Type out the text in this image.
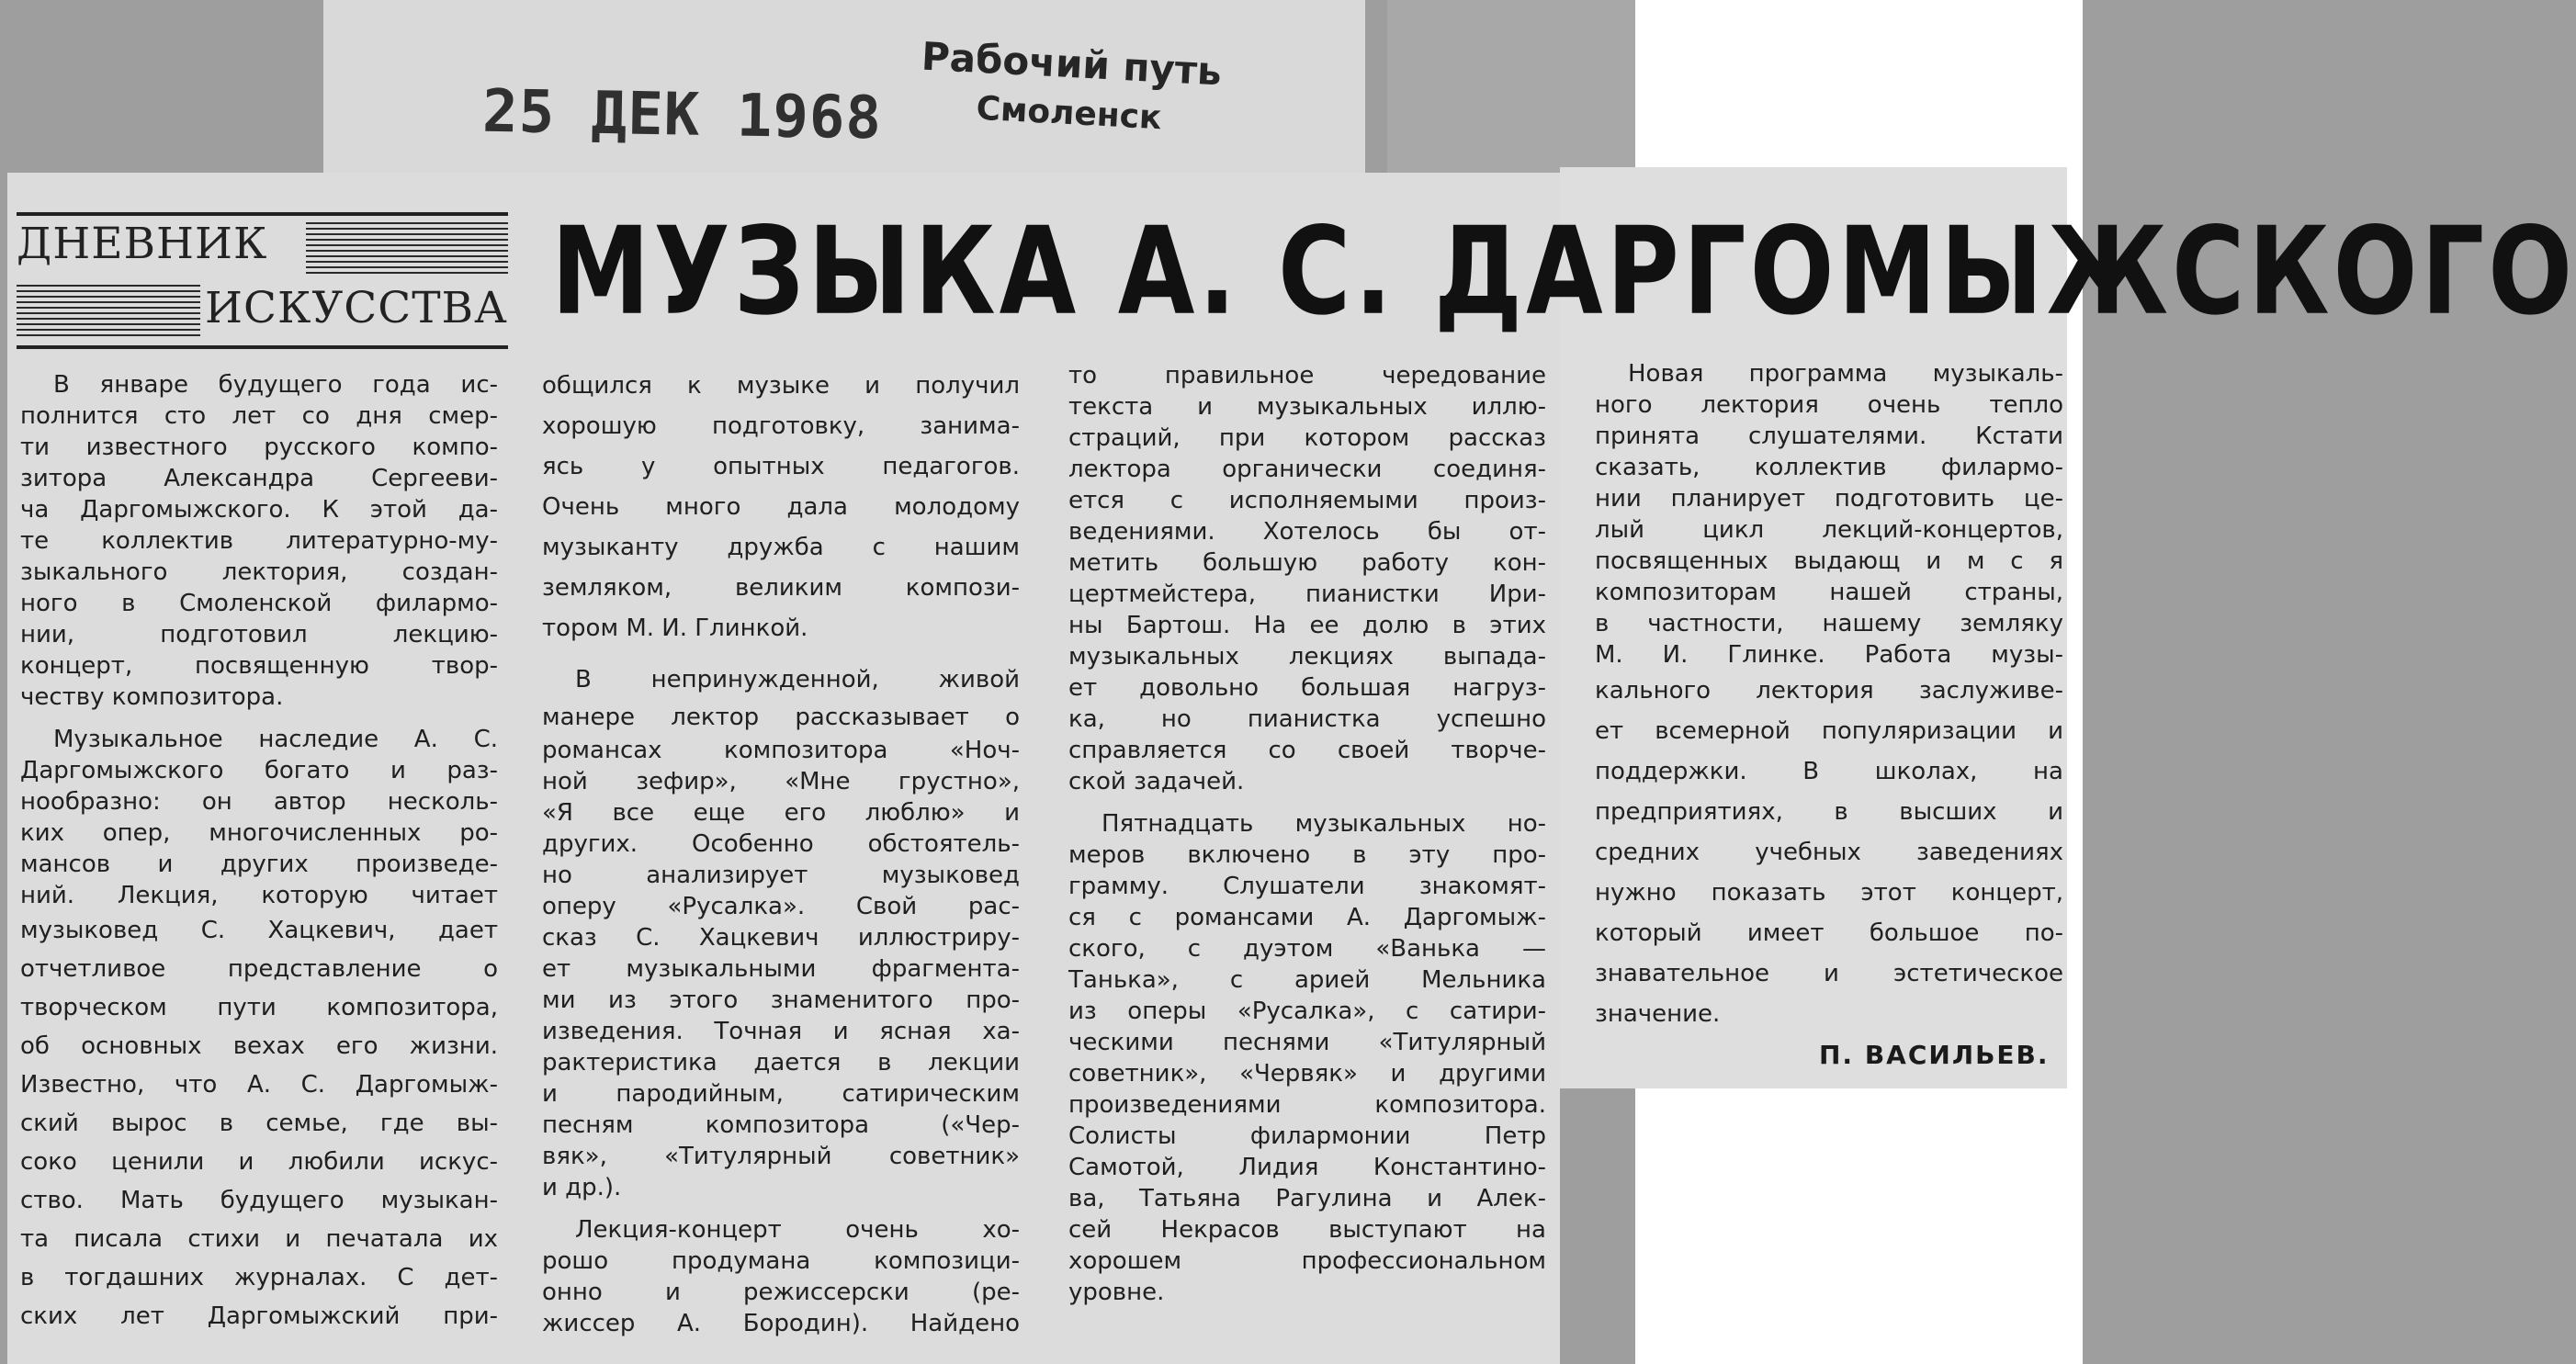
25 ДЕК 1968
Рабочий путь
Смоленск
ДНЕВНИК
ИСКУССТВА МУЗЫКА А. С. ДАРГОМЫЖСКОГО
В январе будущего года ис-
полнится сто лет со дня смер-
ти известного русского компо-
зитора Александра Сергееви-
ча Даргомыжского. К этой да-
те коллектив литературно-му-
зыкального лектория, создан-
ного в Смоленской филармо-
нии, подготовил лекцию-
концерт, посвященную твор-
честву композитора.
Музыкальное наследие А. С.
Даргомыжского богато и раз-
нообразно: он автор несколь-
ких опер, многочисленных ро-
мансов и других произведе-
ний. Лекция, которую читает
музыковед С. Хацкевич, дает
отчетливое представление о
творческом пути композитора,
об основных вехах его жизни.
Известно, что А. С. Даргомыж-
ский вырос в семье, где вы-
соко ценили и любили искус-
ство. Мать будущего музыкан-
та писала стихи и печатала их
в тогдашних журналах. С дет-
ских лет Даргомыжский при-
общился к музыке и получил
хорошую подготовку, занима-
ясь у опытных педагогов.
Очень много дала молодому
музыканту дружба с нашим
земляком, великим компози-
тором М. И. Глинкой.
В непринужденной, живой
манере лектор рассказывает о
романсах композитора «Ноч-
ной зефир», «Мне грустно»,
«Я все еще его люблю» и
других. Особенно обстоятель-
но анализирует музыковед
оперу «Русалка». Свой рас-
сказ С. Хацкевич иллюстриру-
ет музыкальными фрагмента-
ми из этого знаменитого про-
изведения. Точная и ясная ха-
рактеристика дается в лекции
и пародийным, сатирическим
песням композитора («Чер-
вяк», «Титулярный советник»
и др.).
Лекция-концерт очень хо-
рошо продумана композици-
онно и режиссерски (ре-
жиссер А. Бородин). Найдено
то правильное чередование
текста и музыкальных иллю-
страций, при котором рассказ
лектора органически соединя-
ется с исполняемыми произ-
ведениями. Хотелось бы от-
метить большую работу кон-
цертмейстера, пианистки Ири-
ны Бартош. На ее долю в этих
музыкальных лекциях выпада-
ет довольно большая нагруз-
ка, но пианистка успешно
справляется со своей творче-
ской задачей.
Пятнадцать музыкальных но-
меров включено в эту про-
грамму. Слушатели знакомят-
ся с романсами А. Даргомыж-
ского, с дуэтом «Ванька —
Танька», с арией Мельника
из оперы «Русалка», с сатири-
ческими песнями «Титулярный
советник», «Червяк» и другими
произведениями композитора.
Солисты филармонии Петр
Самотой, Лидия Константино-
ва, Татьяна Рагулина и Алек-
сей Некрасов выступают на
хорошем профессиональном
уровне.
Новая программа музыкаль-
ного лектория очень тепло
принята слушателями. Кстати
сказать, коллектив филармо-
нии планирует подготовить це-
лый цикл лекций-концертов,
посвященных выдающ и м с я
композиторам нашей страны,
в частности, нашему земляку
М. И. Глинке. Работа музы-
кального лектория заслуживе-
ет всемерной популяризации и
поддержки. В школах, на
предприятиях, в высших и
средних учебных заведениях
нужно показать этот концерт,
который имеет большое по-
знавательное и эстетическое
значение.
П. ВАСИЛЬЕВ.
